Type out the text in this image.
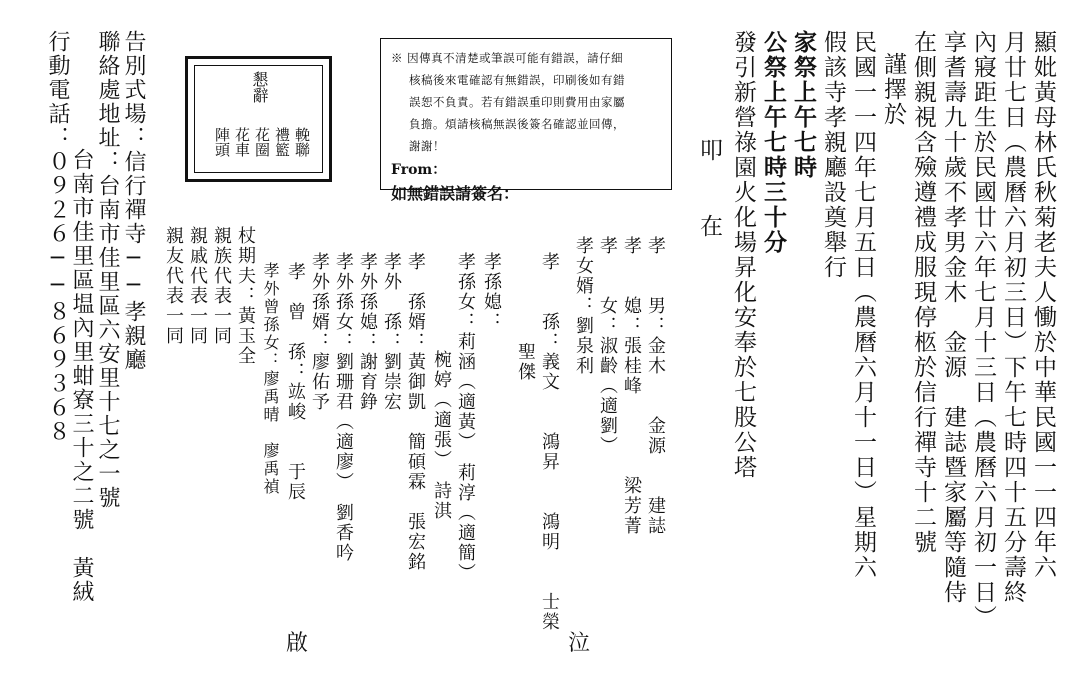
顯妣黃母林氏秋菊老夫人慟於中華民國一一四年六
月廿七日（農曆六月初三日）下午七時四十五分壽終
內寢距生於民國廿六年七月十三日（農曆六月初一日）
享耆壽九十歲不孝男金木　金源　建誌暨家屬等隨侍
在側親視含殮遵禮成服現停柩於信行禪寺十二號
謹擇於
民國一一四年七月五日（農曆六月十一日）星期六
假該寺孝親廳設奠舉行
家祭上午七時
公祭上午七時三十分
發引新營祿園火化場昇化安奉於七股公塔
叩
在
孝　　男：金木　　金源　　建誌
孝　　媳：張桂峰　　　　梁芳菁
孝　　女：淑齡（適劉）
孝女婿：劉泉利
孝　　孫：義文　　鴻昇　　鴻明　　士榮
聖傑
孝孫媳：
孝孫女：莉涵（適黃）　莉淳（適簡）
椀婷（適張）　詩淇
孝　孫婿：黃御凱　簡碩霖　張宏銘
孝外　孫：劉崇宏
孝外孫媳：謝育錚
孝外孫女：劉珊君（適廖）　劉香吟
孝外孫婿：廖佑予
孝　曾　孫：竑峻　　于辰
孝外曾孫女：廖禹晴　廖禹禎
杖期夫：黃玉全
親族代表一同
親戚代表一同
親友代表一同
泣
啟
懇辭
輓聯
禮籃
花圈
花車
陣頭
※ 因傳真不清楚或筆誤可能有錯誤，請仔細
核稿後來電確認有無錯誤，印刷後如有錯
誤恕不負責。若有錯誤重印則費用由家屬
負擔。煩請核稿無誤後簽名確認並回傳，
謝謝！
From：
如無錯誤請簽名：
告別式場：信行禪寺──孝親廳
聯絡處地址：台南市佳里區六安里十七之一號
台南市佳里區塭內里蚶寮三十之二號　黃絨
行動電話：０９２６──８６９３６８
